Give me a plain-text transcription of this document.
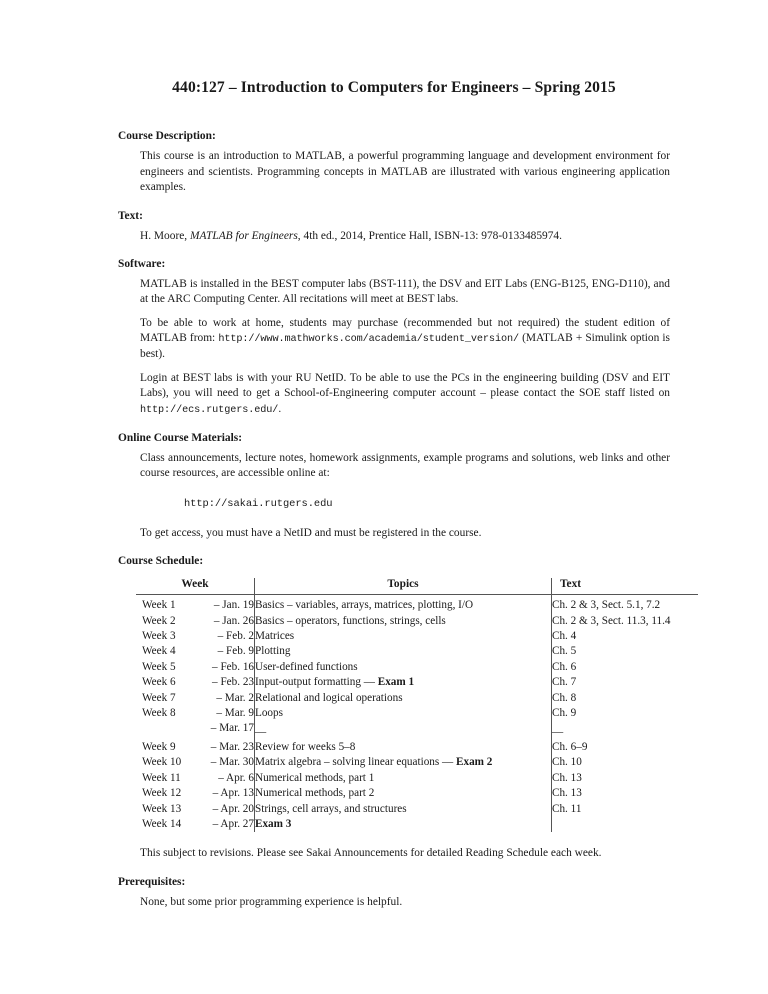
440:127 – Introduction to Computers for Engineers – Spring 2015
Course Description:

This course is an introduction to MATLAB, a powerful programming language and development environment for engineers and scientists. Programming concepts in MATLAB are illustrated with various engineering application examples.

Text:

H. Moore, MATLAB for Engineers, 4th ed., 2014, Prentice Hall, ISBN-13: 978-0133485974.

Software:

MATLAB is installed in the BEST computer labs (BST-111), the DSV and EIT Labs (ENG-B125, ENG-D110), and at the ARC Computing Center. All recitations will meet at BEST labs.

To be able to work at home, students may purchase (recommended but not required) the student edition of MATLAB from: http://www.mathworks.com/academia/student_version/ (MATLAB + Simulink option is best).

Login at BEST labs is with your RU NetID. To be able to use the PCs in the engineering building (DSV and EIT Labs), you will need to get a School-of-Engineering computer account – please contact the SOE staff listed on http://ecs.rutgers.edu/.

Online Course Materials:

Class announcements, lecture notes, homework assignments, example programs and solutions, web links and other course resources, are accessible online at:

http://sakai.rutgers.edu

To get access, you must have a NetID and must be registered in the course.

Course Schedule:
Week	Topics	Text

Week 1 – Jan. 19	Basics – variables, arrays, matrices, plotting, I/O	Ch. 2 & 3, Sect. 5.1, 7.2

Week 2 – Jan. 26	Basics – operators, functions, strings, cells	Ch. 2 & 3, Sect. 11.3, 11.4

Week 3 – Feb. 2	Matrices	Ch. 4

Week 4 – Feb. 9	Plotting	Ch. 5

Week 5 – Feb. 16	User-defined functions	Ch. 6

Week 6 – Feb. 23	Input-output formatting — Exam 1	Ch. 7

Week 7 – Mar. 2	Relational and logical operations	Ch. 8

Week 8 – Mar. 9	Loops	Ch. 9

– Mar. 17	—	—

Week 9 – Mar. 23	Review for weeks 5–8	Ch. 6–9

Week 10 – Mar. 30	Matrix algebra – solving linear equations — Exam 2	Ch. 10

Week 11 – Apr. 6	Numerical methods, part 1	Ch. 13

Week 12 – Apr. 13	Numerical methods, part 2	Ch. 13

Week 13 – Apr. 20	Strings, cell arrays, and structures	Ch. 11

Week 14 – Apr. 27	Exam 3	

This subject to revisions. Please see Sakai Announcements for detailed Reading Schedule each week.

Prerequisites:

None, but some prior programming experience is helpful.
